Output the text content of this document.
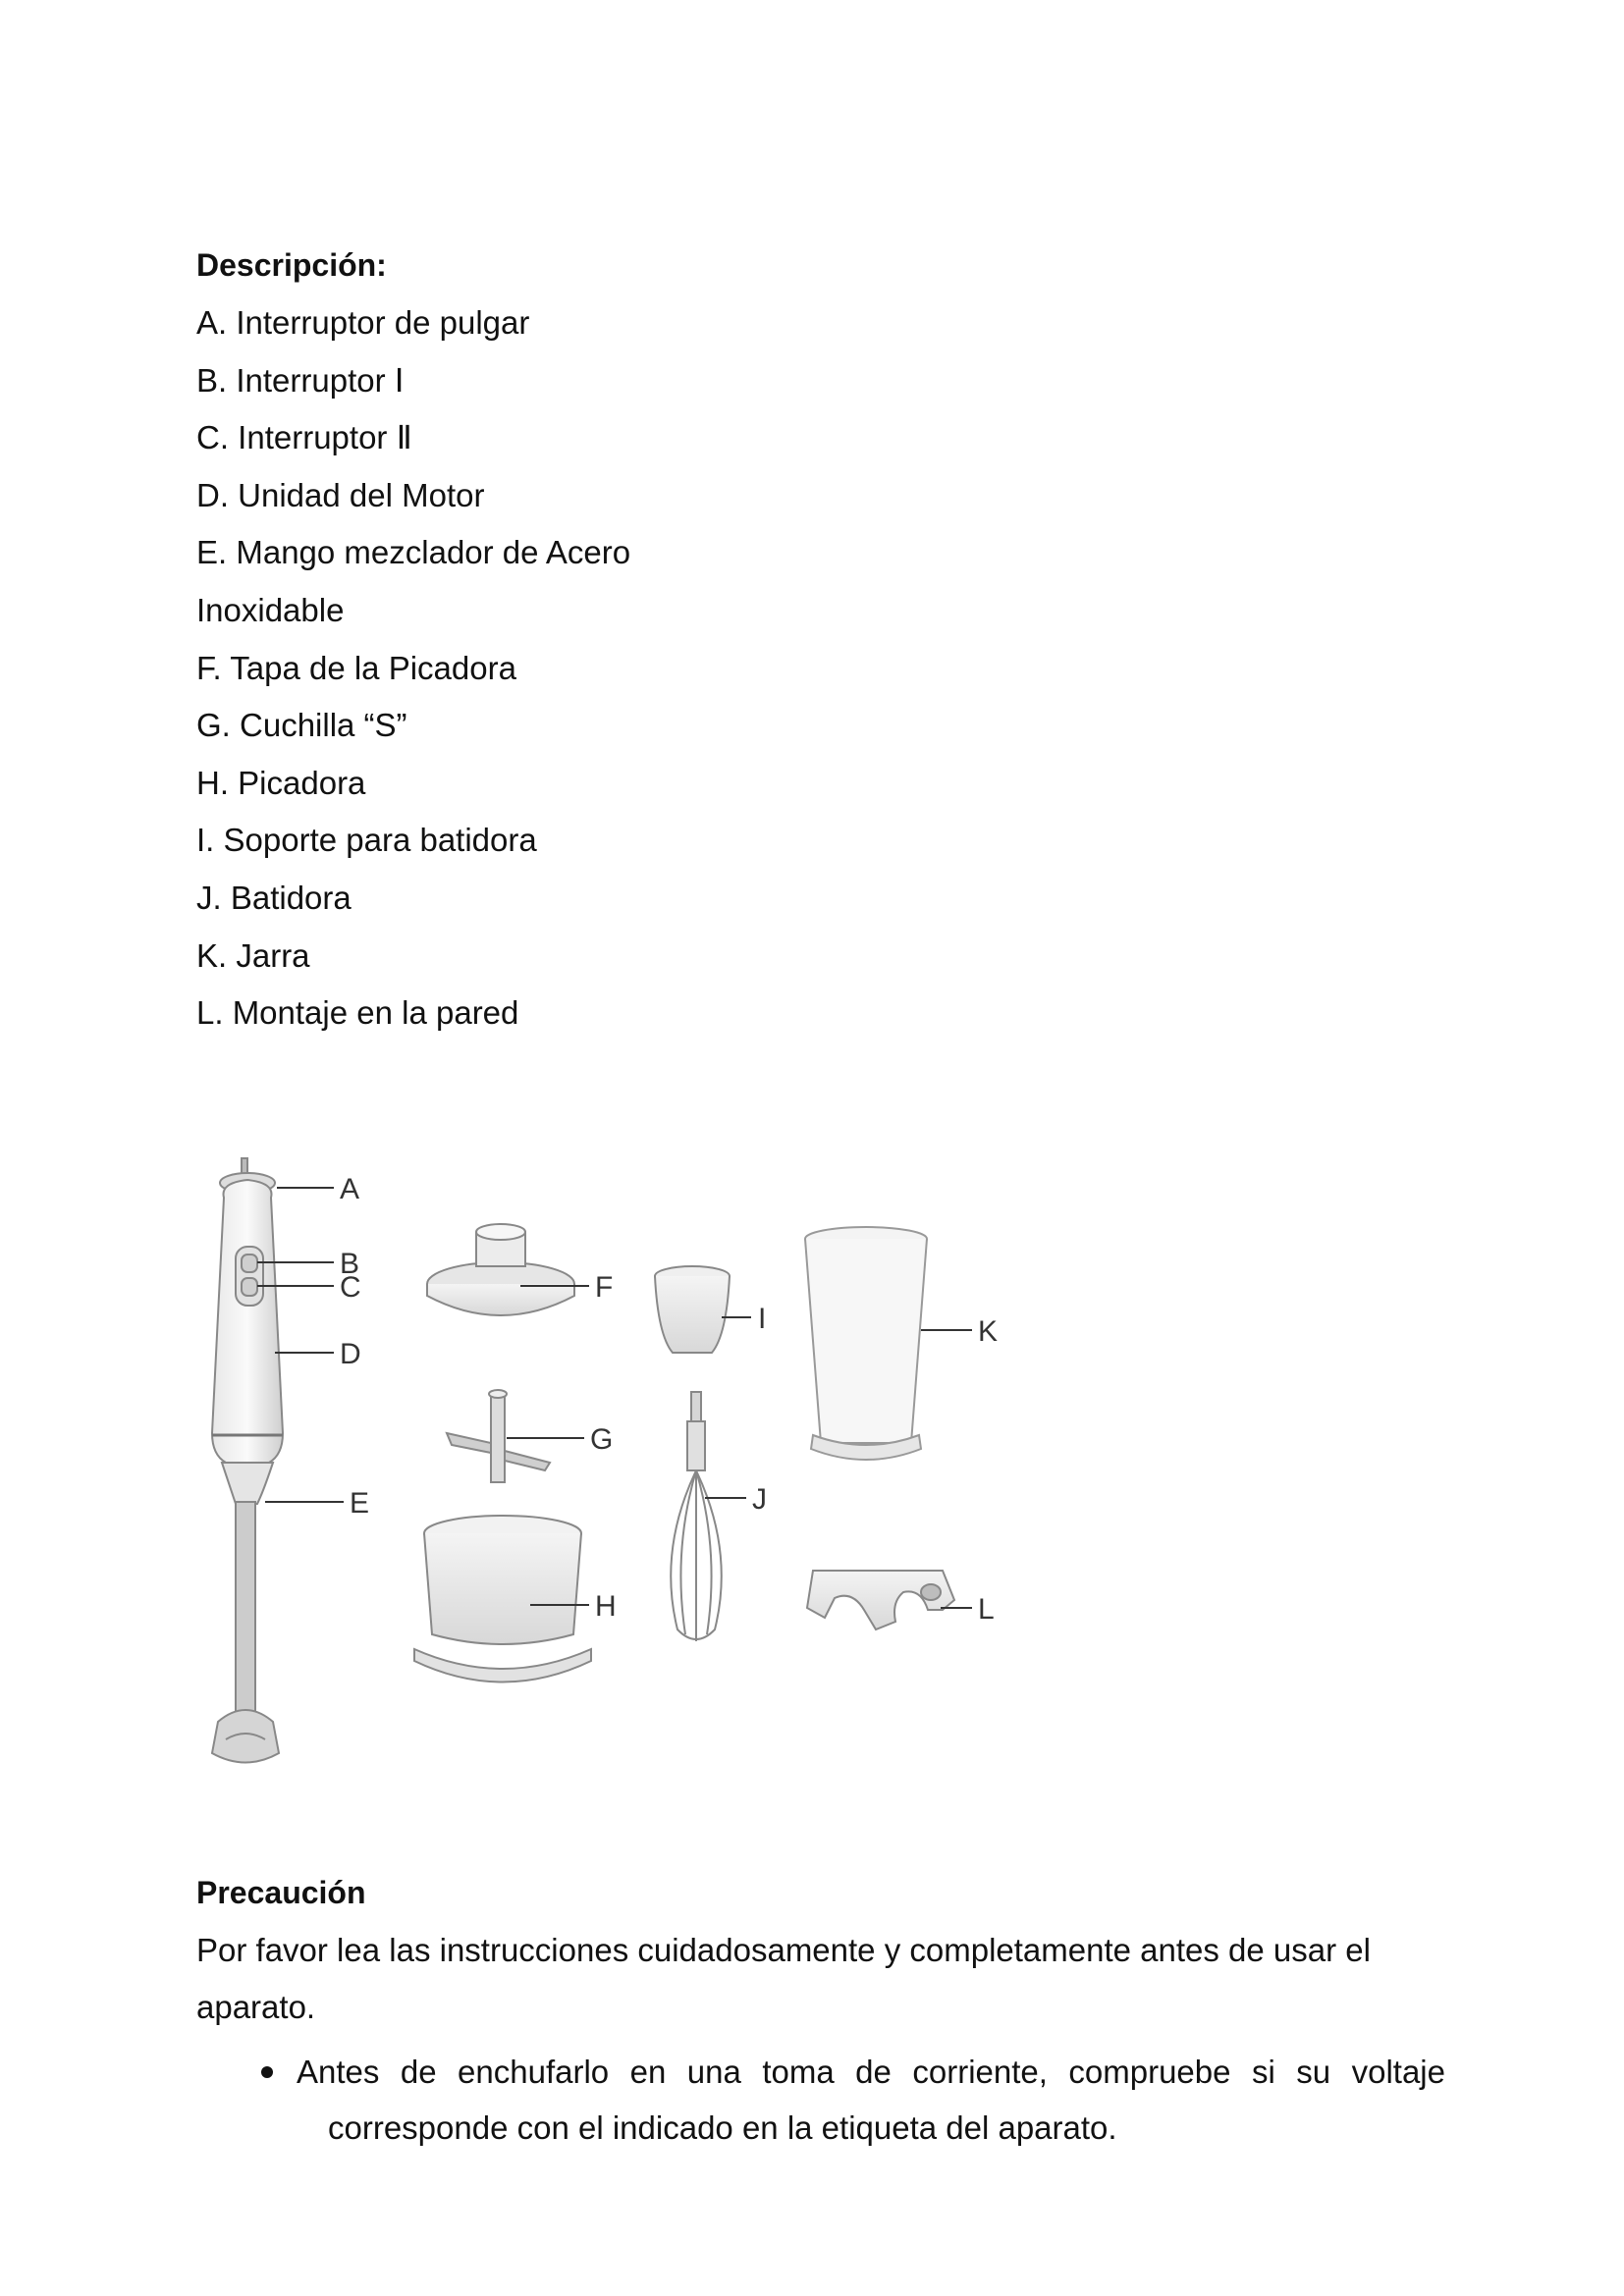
Descripción:
A. Interruptor de pulgar
B. Interruptor Ⅰ
C. Interruptor Ⅱ
D. Unidad del Motor
E. Mango mezclador de Acero
Inoxidable
F. Tapa de la Picadora
G. Cuchilla “S”
H. Picadora
I. Soporte para batidora
J. Batidora
K. Jarra
L. Montaje en la pared
A
B
C
D
E
F
G
H
I
J
K
L
Precaución

Por favor lea las instrucciones cuidadosamente y completamente antes de usar el aparato.

Antes de enchufarlo en una toma de corriente, compruebe si su voltaje
corresponde con el indicado en la etiqueta del aparato.
